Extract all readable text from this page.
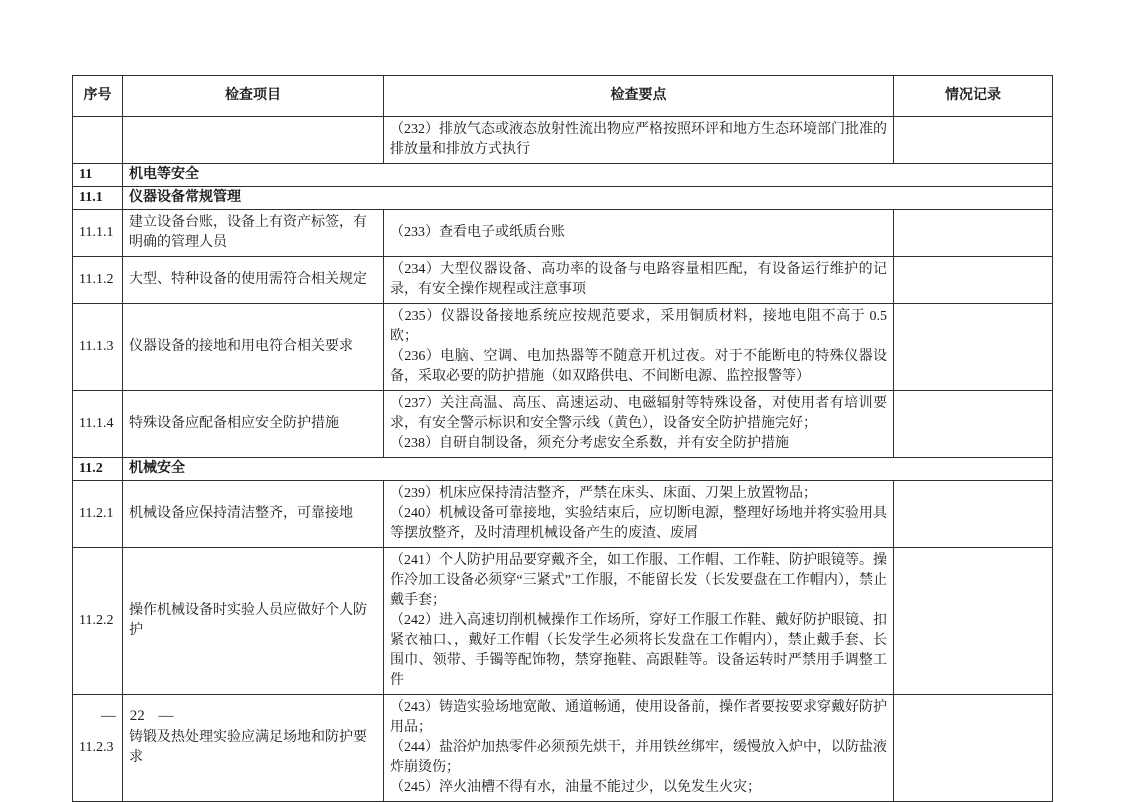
序号	检查项目	检查要点	情况记录

		（232）排放气态或液态放射性流出物应严格按照环评和地方生态环境部门批准的排放量和排放方式执行	

11	机电等安全		
11.1	仪器设备常规管理		
11.1.1	建立设备台账，设备上有资产标签，有明确的管理人员	（233）查看电子或纸质台账	

11.1.2	大型、特种设备的使用需符合相关规定	（234）大型仪器设备、高功率的设备与电路容量相匹配，有设备运行维护的记录，有安全操作规程或注意事项	

11.1.3	仪器设备的接地和用电符合相关要求	（235）仪器设备接地系统应按规范要求，采用铜质材料，接地电阻不高于 0.5 欧；
（236）电脑、空调、电加热器等不随意开机过夜。对于不能断电的特殊仪器设备，采取必要的防护措施（如双路供电、不间断电源、监控报警等）	

11.1.4	特殊设备应配备相应安全防护措施	（237）关注高温、高压、高速运动、电磁辐射等特殊设备，对使用者有培训要求，有安全警示标识和安全警示线（黄色），设备安全防护措施完好；
（238）自研自制设备，须充分考虑安全系数，并有安全防护措施	

11.2	机械安全		
11.2.1	机械设备应保持清洁整齐，可靠接地	（239）机床应保持清洁整齐，严禁在床头、床面、刀架上放置物品；
（240）机械设备可靠接地，实验结束后，应切断电源，整理好场地并将实验用具等摆放整齐，及时清理机械设备产生的废渣、废屑	

11.2.2	操作机械设备时实验人员应做好个人防护	（241）个人防护用品要穿戴齐全，如工作服、工作帽、工作鞋、防护眼镜等。操作冷加工设备必须穿“三紧式”工作服，不能留长发（长发要盘在工作帽内），禁止戴手套；
（242）进入高速切削机械操作工作场所，穿好工作服工作鞋、戴好防护眼镜、扣紧衣袖口、，戴好工作帽（长发学生必须将长发盘在工作帽内），禁止戴手套、长围巾、领带、手镯等配饰物，禁穿拖鞋、高跟鞋等。设备运转时严禁用手调整工件	

11.2.3	铸锻及热处理实验应满足场地和防护要求	（243）铸造实验场地宽敞、通道畅通，使用设备前，操作者要按要求穿戴好防护用品；
（244）盐浴炉加热零件必须预先烘干，并用铁丝绑牢，缓慢放入炉中，以防盐液炸崩烫伤；
（245）淬火油槽不得有水，油量不能过少，以免发生火灾；	

— 22 —
